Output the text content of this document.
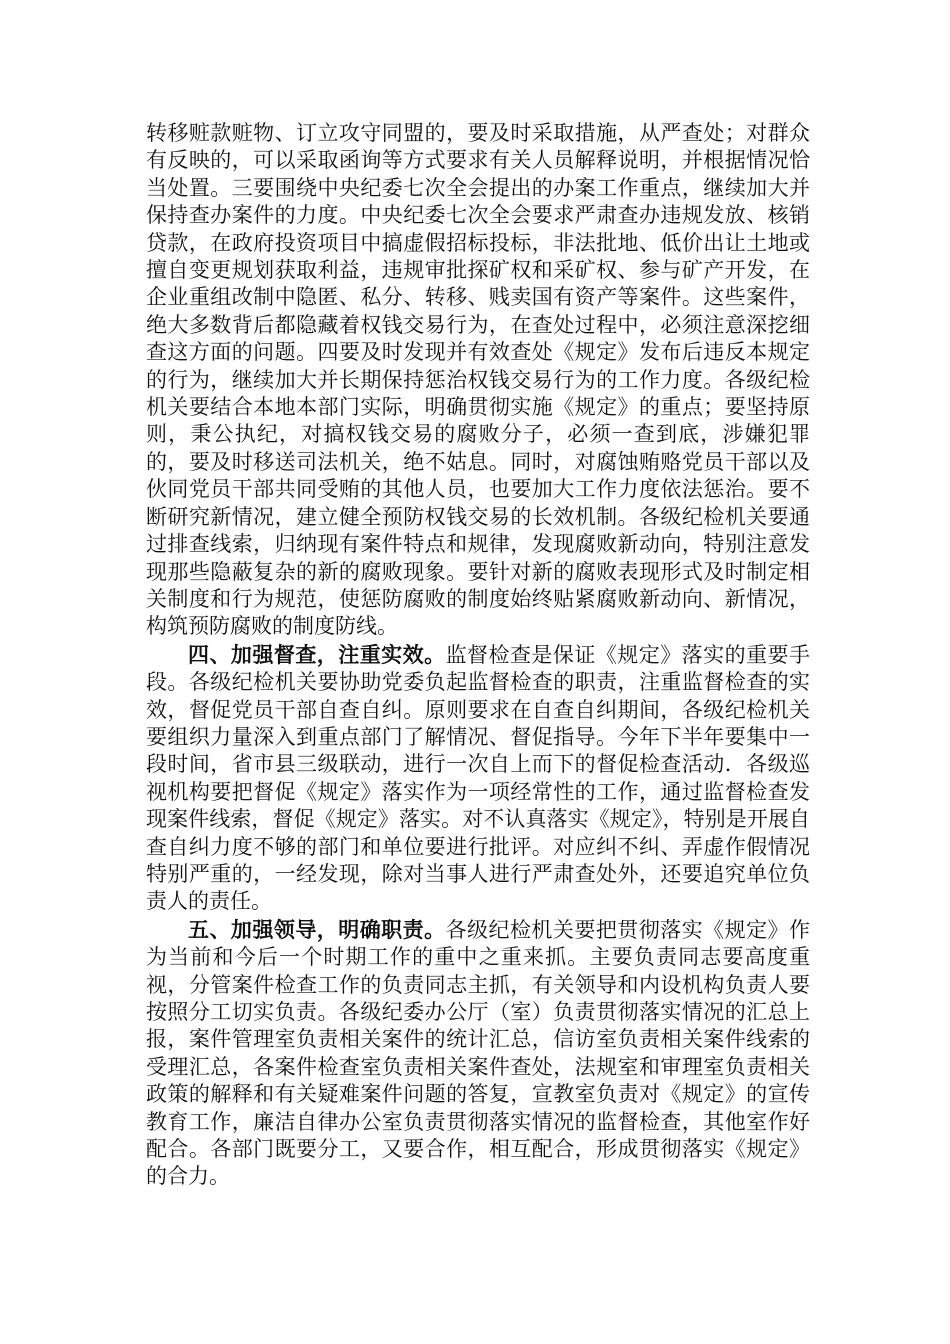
转移赃款赃物、订立攻守同盟的，要及时采取措施，从严查处；对群众有反映的，可以采取函询等方式要求有关人员解释说明，并根据情况恰当处置。三要围绕中央纪委七次全会提出的办案工作重点，继续加大并保持查办案件的力度。中央纪委七次全会要求严肃查办违规发放、核销贷款，在政府投资项目中搞虚假招标投标，非法批地、低价出让土地或擅自变更规划获取利益，违规审批探矿权和采矿权、参与矿产开发，在企业重组改制中隐匿、私分、转移、贱卖国有资产等案件。这些案件，绝大多数背后都隐藏着权钱交易行为，在查处过程中，必须注意深挖细查这方面的问题。四要及时发现并有效查处《规定》发布后违反本规定的行为，继续加大并长期保持惩治权钱交易行为的工作力度。各级纪检机关要结合本地本部门实际，明确贯彻实施《规定》的重点；要坚持原则，秉公执纪，对搞权钱交易的腐败分子，必须一查到底，涉嫌犯罪的，要及时移送司法机关，绝不姑息。同时，对腐蚀贿赂党员干部以及伙同党员干部共同受贿的其他人员，也要加大工作力度依法惩治。要不断研究新情况，建立健全预防权钱交易的长效机制。各级纪检机关要通过排查线索，归纳现有案件特点和规律，发现腐败新动向，特别注意发现那些隐蔽复杂的新的腐败现象。要针对新的腐败表现形式及时制定相关制度和行为规范，使惩防腐败的制度始终贴紧腐败新动向、新情况，构筑预防腐败的制度防线。

四、加强督查，注重实效。监督检查是保证《规定》落实的重要手段。各级纪检机关要协助党委负起监督检查的职责，注重监督检查的实效，督促党员干部自查自纠。原则要求在自查自纠期间，各级纪检机关要组织力量深入到重点部门了解情况、督促指导。今年下半年要集中一段时间，省市县三级联动，进行一次自上而下的督促检查活动．各级巡视机构要把督促《规定》落实作为一项经常性的工作，通过监督检查发现案件线索，督促《规定》落实。对不认真落实《规定》，特别是开展自查自纠力度不够的部门和单位要进行批评。对应纠不纠、弄虚作假情况特别严重的，一经发现，除对当事人进行严肃查处外，还要追究单位负责人的责任。

五、加强领导，明确职责。各级纪检机关要把贯彻落实《规定》作为当前和今后一个时期工作的重中之重来抓。主要负责同志要高度重视，分管案件检查工作的负责同志主抓，有关领导和内设机构负责人要按照分工切实负责。各级纪委办公厅（室）负责贯彻落实情况的汇总上报，案件管理室负责相关案件的统计汇总，信访室负责相关案件线索的受理汇总，各案件检查室负责相关案件查处，法规室和审理室负责相关政策的解释和有关疑难案件问题的答复，宣教室负责对《规定》的宣传教育工作，廉洁自律办公室负责贯彻落实情况的监督检查，其他室作好配合。各部门既要分工，又要合作，相互配合，形成贯彻落实《规定》的合力。
